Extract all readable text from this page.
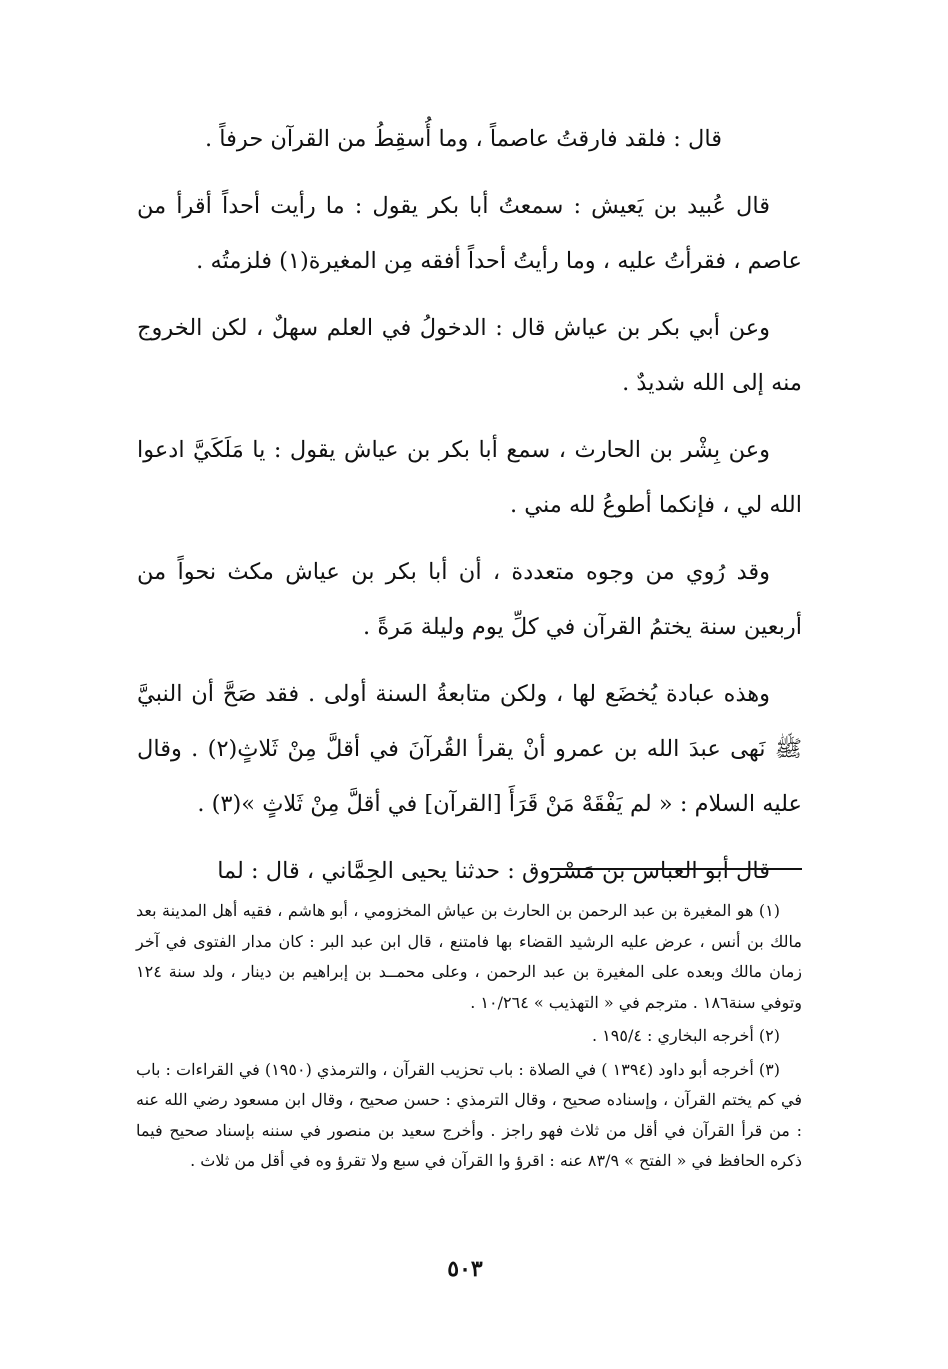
قال : فلقد فارقتُ عاصماً ، وما أُسقِطُ من القرآن حرفاً .

قال عُبيد بن يَعيش : سمعتُ أبا بكر يقول : ما رأيت أحداً أقرأ من عاصم ، فقرأتُ عليه ، وما رأيتُ أحداً أفقه مِن المغيرة(١) فلزمتُه .

وعن أبي بكر بن عياش قال : الدخولُ في العلم سهلٌ ، لكن الخروج منه إلى الله شديدٌ .

وعن بِشْر بن الحارث ، سمع أبا بكر بن عياش يقول : يا مَلَكَيَّ ادعوا الله لي ، فإنكما أطوعُ لله مني .

وقد رُوي من وجوه متعددة ، أن أبا بكر بن عياش مكث نحواً من أربعين سنة يختمُ القرآن في كلِّ يوم وليلة مَرةً .

وهذه عبادة يُخضَع لها ، ولكن متابعةُ السنة أولى . فقد صَحَّ أن النبيَّ ﷺ نَهى عبدَ الله بن عمرو أنْ يقرأ القُرآنَ في أقلَّ مِنْ ثَلاثٍ(٢) . وقال عليه السلام : « لم يَفْقَهْ مَنْ قَرَأَ [القرآن] في أقلَّ مِنْ ثَلاثٍ »(٣) .

قال أبو العباس بن مَسْروق : حدثنا يحيى الحِمَّاني ، قال : لما

(١) هو المغيرة بن عبد الرحمن بن الحارث بن عياش المخزومي ، أبو هاشم ، فقيه أهل المدينة بعد مالك بن أنس ، عرض عليه الرشيد القضاء بها فامتنع ، قال ابن عبد البر : كان مدار الفتوى في آخر زمان مالك وبعده على المغيرة بن عبد الرحمن ، وعلى محمــد بن إبراهيم بن دينار ، ولد سنة ١٢٤ وتوفي سنة١٨٦ . مترجم في « التهذيب » ١٠/٢٦٤ .

(٢) أخرجه البخاري : ١٩٥/٤ .

(٣) أخرجه أبو داود (١٣٩٤ ) في الصلاة : باب تحزيب القرآن ، والترمذي (١٩٥٠) في القراءات : باب في كم يختم القرآن ، وإسناده صحيح ، وقال الترمذي : حسن صحيح ، وقال ابن مسعود رضي الله عنه : من قرأ القرآن في أقل من ثلاث فهو راجز . وأخرج سعيد بن منصور في سننه بإسناد صحيح فيما ذكره الحافظ في « الفتح » ٨٣/٩ عنه : اقرؤ وا القرآن في سبع ولا تقرؤ وه في أقل من ثلاث .

٥٠٣
